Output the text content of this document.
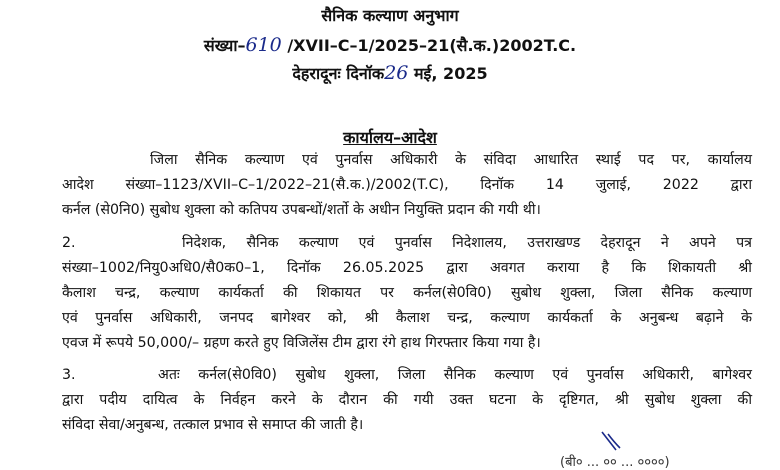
सैनिक कल्याण अनुभाग
संख्या–610 /XVII–C–1/2025–21(सै.क.)2002T.C.
देहरादूनः दिनॉक26 मई, 2025
कार्यालय–आदेश
जिला सैनिक कल्याण एवं पुनर्वास अधिकारी के संविदा आधारित स्थाई पद पर, कार्यालय
आदेश संख्या–1123/XVII–C–1/2022–21(सै.क.)/2002(T.C), दिनॉक 14 जुलाई, 2022 द्वारा
कर्नल (से0नि0) सुबोध शुक्ला को कतिपय उपबन्धों/शर्तो के अधीन नियुक्ति प्रदान की गयी थी।
2.	निदेशक, सैनिक कल्याण एवं पुनर्वास निदेशालय, उत्तराखण्ड देहरादून ने अपने पत्र
संख्या–1002/नियु0अधि0/सै0क0–1, दिनॉक 26.05.2025 द्वारा अवगत कराया है कि शिकायती श्री
कैलाश चन्द्र, कल्याण कार्यकर्ता की शिकायत पर कर्नल(से0वि0) सुबोध शुक्ला, जिला सैनिक कल्याण
एवं पुनर्वास अधिकारी, जनपद बागेश्वर को, श्री कैलाश चन्द्र, कल्याण कार्यकर्ता के अनुबन्ध बढ़ाने के
एवज में रूपये 50,000/– ग्रहण करते हुए विजिलेंस टीम द्वारा रंगे हाथ गिरफ्तार किया गया है।
3.	अतः कर्नल(से0वि0) सुबोध शुक्ला, जिला सैनिक कल्याण एवं पुनर्वास अधिकारी, बागेश्वर
द्वारा पदीय दायित्व के निर्वहन करने के दौरान की गयी उक्त घटना के दृष्टिगत, श्री सुबोध शुक्ला की
संविदा सेवा/अनुबन्ध, तत्काल प्रभाव से समाप्त की जाती है।
(बी० ... ०० ... ००००)
